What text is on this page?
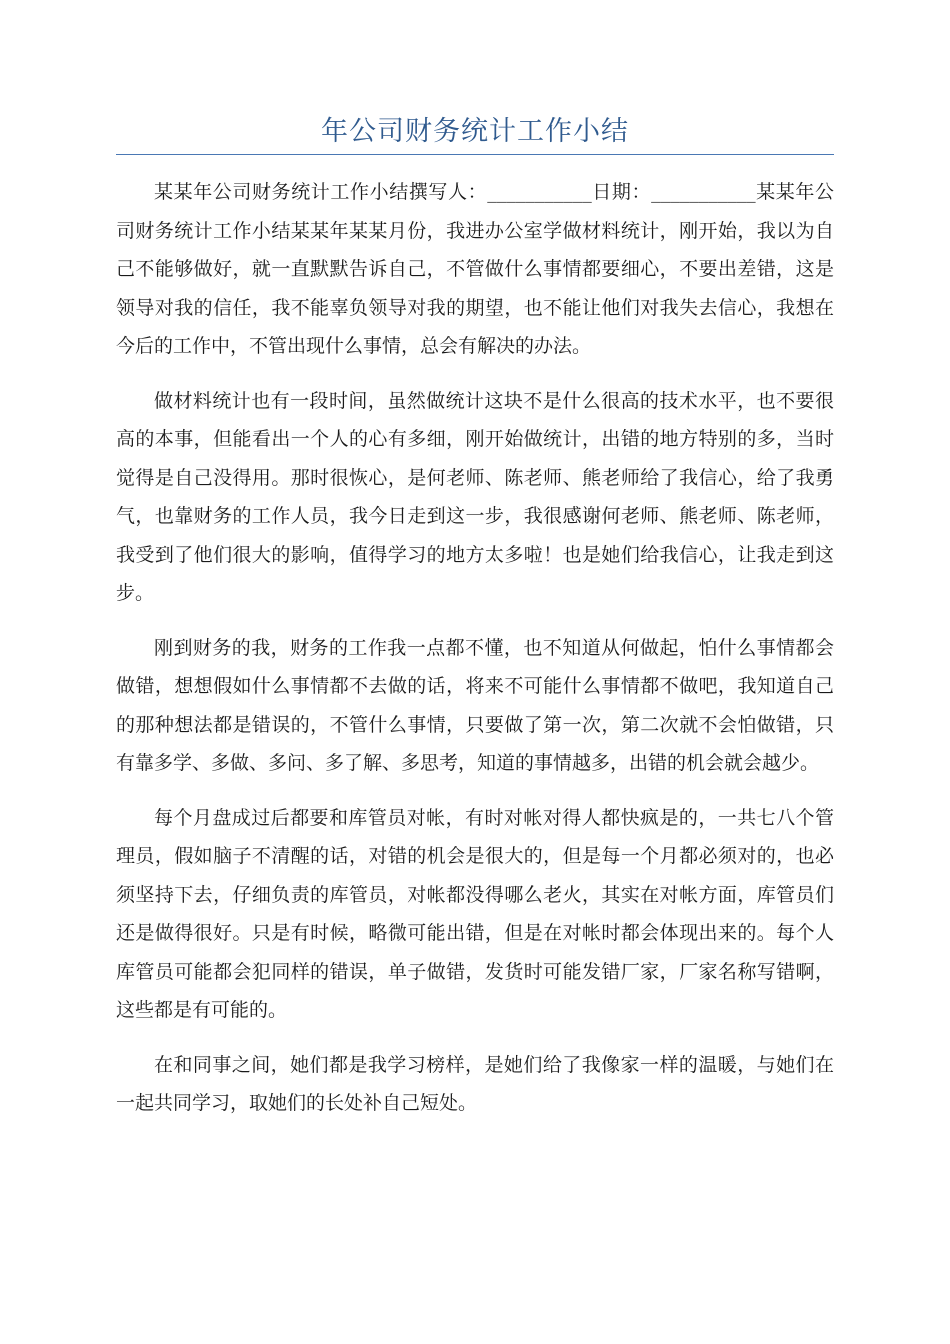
年公司财务统计工作小结

某某年公司财务统计工作小结撰写人：___________日期：___________某某年公司财务统计工作小结某某年某某月份，我进办公室学做材料统计，刚开始，我以为自己不能够做好，就一直默默告诉自己，不管做什么事情都要细心，不要出差错，这是领导对我的信任，我不能辜负领导对我的期望，也不能让他们对我失去信心，我想在今后的工作中，不管出现什么事情，总会有解决的办法。

做材料统计也有一段时间，虽然做统计这块不是什么很高的技术水平，也不要很高的本事，但能看出一个人的心有多细，刚开始做统计，出错的地方特别的多，当时觉得是自己没得用。那时很恢心，是何老师、陈老师、熊老师给了我信心，给了我勇气，也靠财务的工作人员，我今日走到这一步，我很感谢何老师、熊老师、陈老师，我受到了他们很大的影响，值得学习的地方太多啦！也是她们给我信心，让我走到这步。

刚到财务的我，财务的工作我一点都不懂，也不知道从何做起，怕什么事情都会做错，想想假如什么事情都不去做的话，将来不可能什么事情都不做吧，我知道自己的那种想法都是错误的，不管什么事情，只要做了第一次，第二次就不会怕做错，只有靠多学、多做、多问、多了解、多思考，知道的事情越多，出错的机会就会越少。

每个月盘成过后都要和库管员对帐，有时对帐对得人都快疯是的，一共七八个管理员，假如脑子不清醒的话，对错的机会是很大的，但是每一个月都必须对的，也必须坚持下去，仔细负责的库管员，对帐都没得哪么老火，其实在对帐方面，库管员们还是做得很好。只是有时候，略微可能出错，但是在对帐时都会体现出来的。每个人库管员可能都会犯同样的错误，单子做错，发货时可能发错厂家，厂家名称写错啊，这些都是有可能的。

在和同事之间，她们都是我学习榜样，是她们给了我像家一样的温暖，与她们在一起共同学习，取她们的长处补自己短处。
